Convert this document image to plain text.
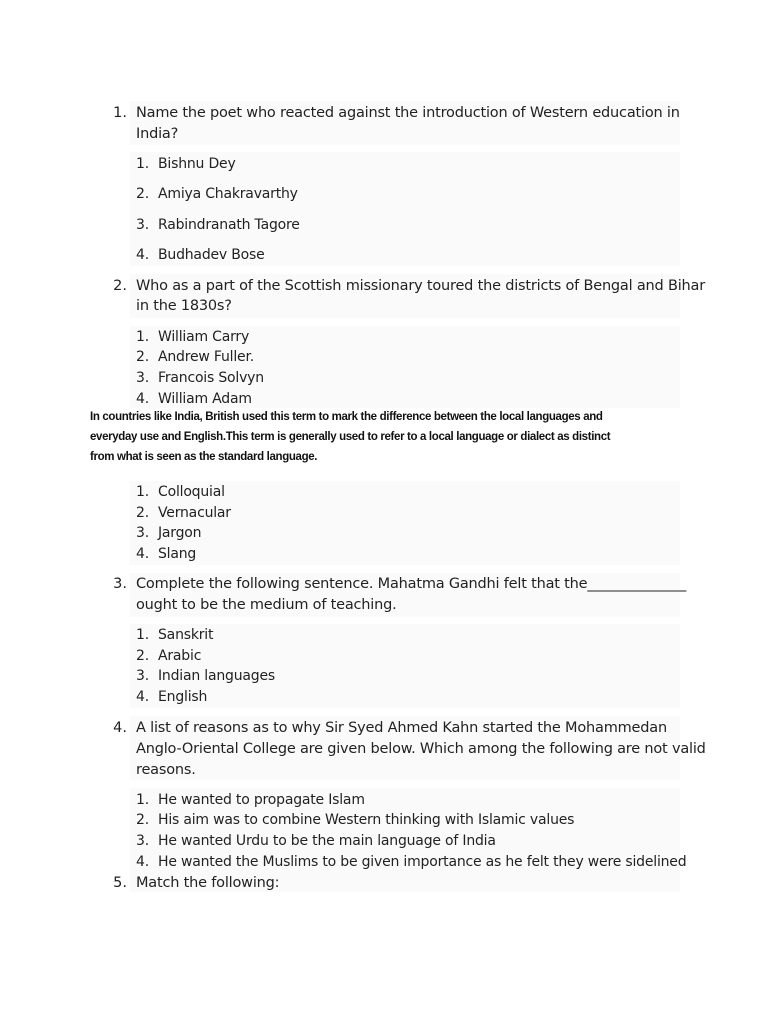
1. Name the poet who reacted against the introduction of Western education in
India?
1. Bishnu Dey
2. Amiya Chakravarthy
3. Rabindranath Tagore
4. Budhadev Bose
2. Who as a part of the Scottish missionary toured the districts of Bengal and Bihar
in the 1830s?
1. William Carry
2. Andrew Fuller.
3. Francois Solvyn
4. William Adam
In countries like India, British used this term to mark the difference between the local languages and
everyday use and English.This term is generally used to refer to a local language or dialect as distinct
from what is seen as the standard language.
1. Colloquial
2. Vernacular
3. Jargon
4. Slang
3. Complete the following sentence. Mahatma Gandhi felt that the______________
ought to be the medium of teaching.
1. Sanskrit
2. Arabic
3. Indian languages
4. English
4. A list of reasons as to why Sir Syed Ahmed Kahn started the Mohammedan
Anglo-Oriental College are given below. Which among the following are not valid
reasons.
1. He wanted to propagate Islam
2. His aim was to combine Western thinking with Islamic values
3. He wanted Urdu to be the main language of India
4. He wanted the Muslims to be given importance as he felt they were sidelined
5. Match the following:
